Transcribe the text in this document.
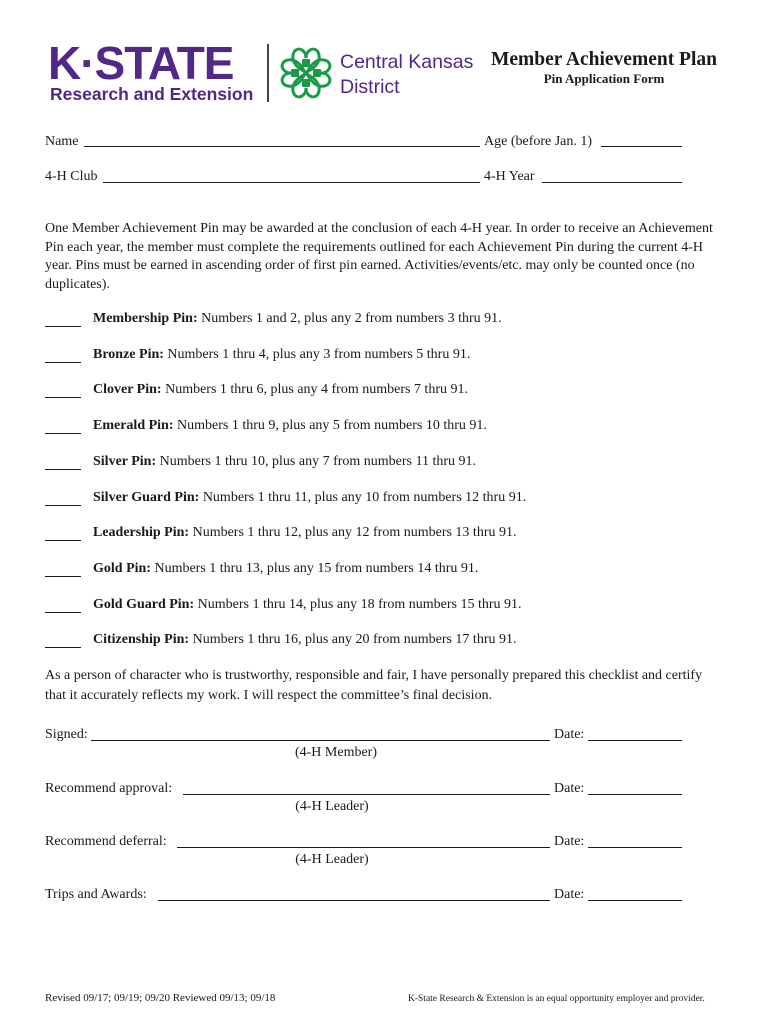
K·STATE
Research and Extension
Central Kansas
District
Member Achievement Plan
Pin Application Form
Name	Age (before Jan. 1)
4-H Club	4-H Year
One Member Achievement Pin may be awarded at the conclusion of each 4-H year. In order to receive an Achievement Pin each year, the member must complete the requirements outlined for each Achievement Pin during the current 4-H year. Pins must be earned in ascending order of first pin earned. Activities/events/etc. may only be counted once (no duplicates).
Membership Pin: Numbers 1 and 2, plus any 2 from numbers 3 thru 91.
Bronze Pin: Numbers 1 thru 4, plus any 3 from numbers 5 thru 91.
Clover Pin: Numbers 1 thru 6, plus any 4 from numbers 7 thru 91.
Emerald Pin: Numbers 1 thru 9, plus any 5 from numbers 10 thru 91.
Silver Pin: Numbers 1 thru 10, plus any 7 from numbers 11 thru 91.
Silver Guard Pin: Numbers 1 thru 11, plus any 10 from numbers 12 thru 91.
Leadership Pin: Numbers 1 thru 12, plus any 12 from numbers 13 thru 91.
Gold Pin: Numbers 1 thru 13, plus any 15 from numbers 14 thru 91.
Gold Guard Pin: Numbers 1 thru 14, plus any 18 from numbers 15 thru 91.
Citizenship Pin: Numbers 1 thru 16, plus any 20 from numbers 17 thru 91.
As a person of character who is trustworthy, responsible and fair, I have personally prepared this checklist and certify that it accurately reflects my work. I will respect the committee’s final decision.
Signed:	Date:
(4-H Member)
Recommend approval:	Date:
(4-H Leader)
Recommend deferral:	Date:
(4-H Leader)
Trips and Awards:	Date:
Revised 09/17; 09/19; 09/20 Reviewed 09/13; 09/18	K-State Research & Extension is an equal opportunity employer and provider.
